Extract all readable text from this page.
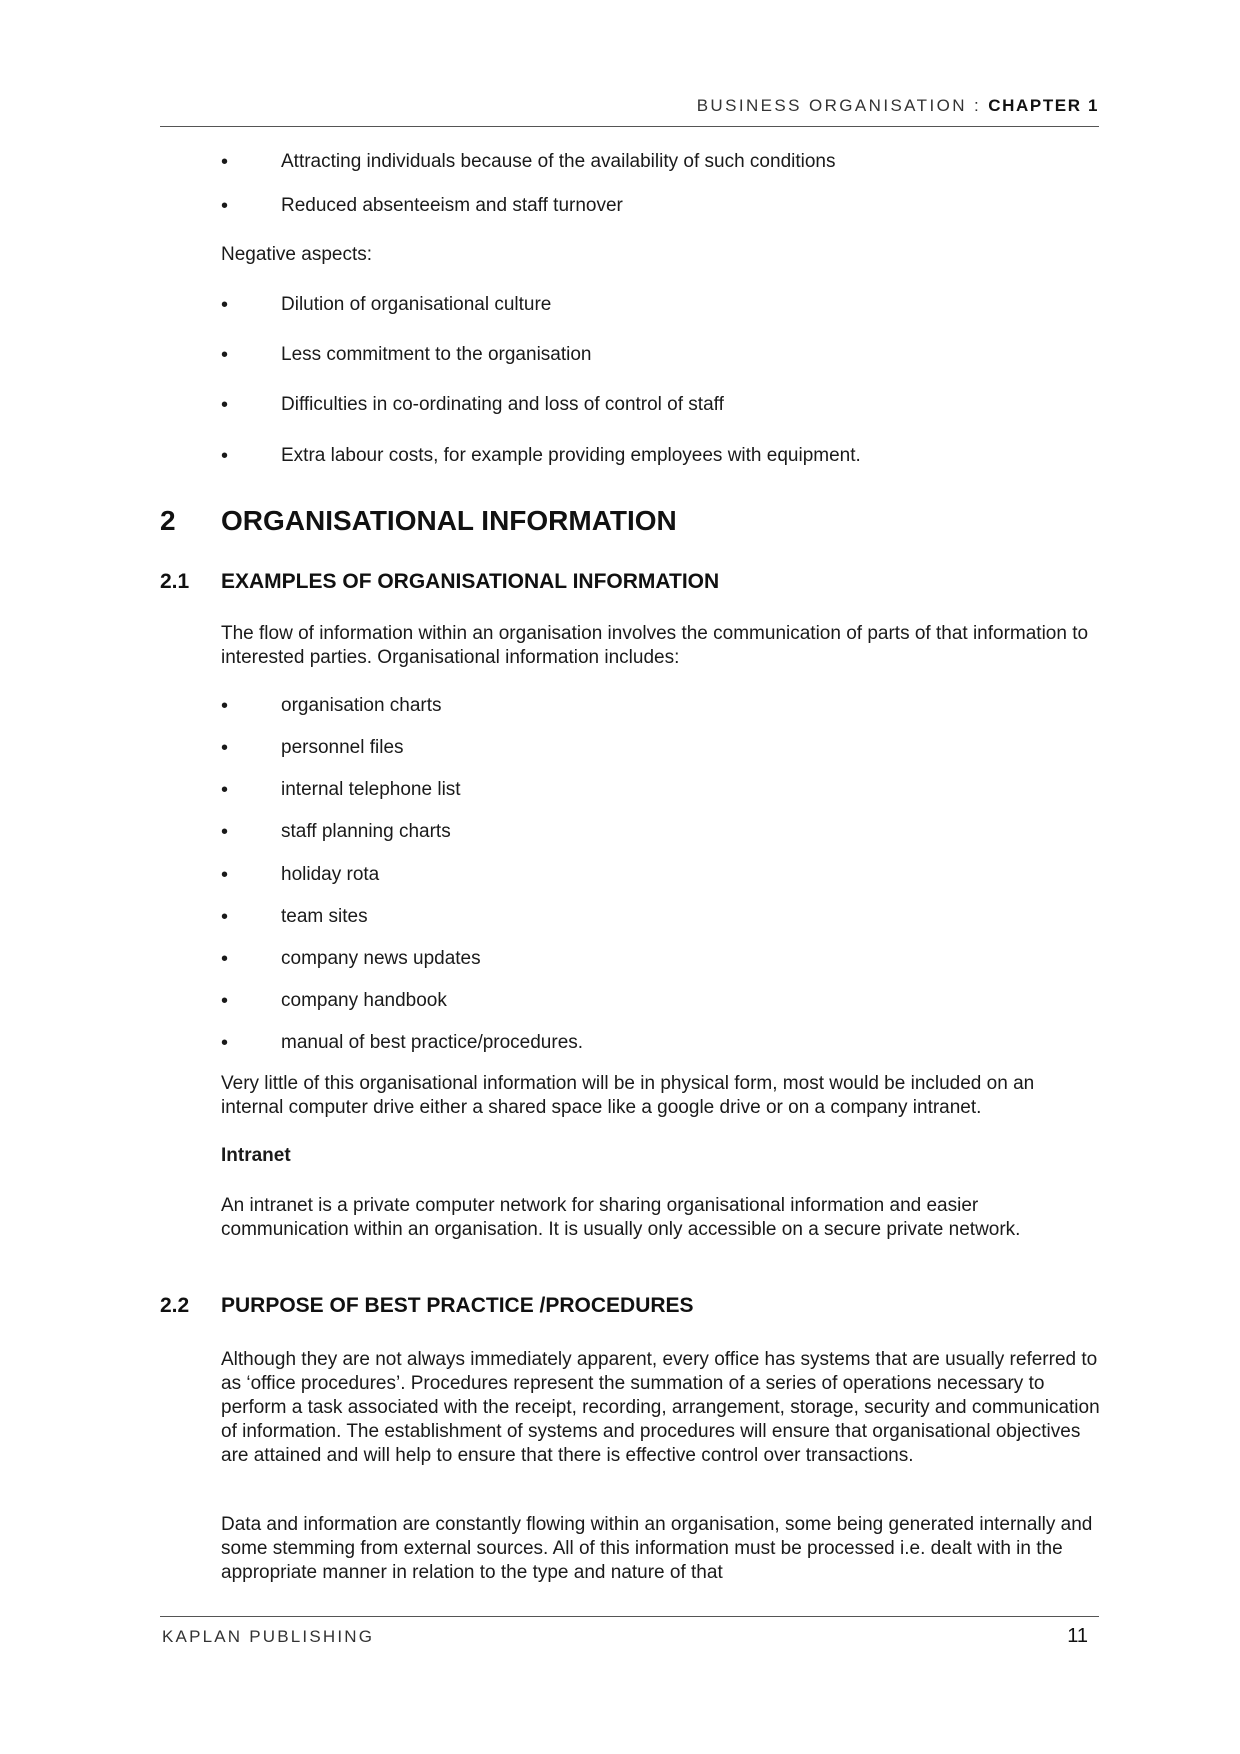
BUSINESS ORGANISATION : CHAPTER 1
•	Attracting individuals because of the availability of such conditions
•	Reduced absenteeism and staff turnover
Negative aspects:
•	Dilution of organisational culture
•	Less commitment to the organisation
•	Difficulties in co-ordinating and loss of control of staff
•	Extra labour costs, for example providing employees with equipment.
2 ORGANISATIONAL INFORMATION
2.1 EXAMPLES OF ORGANISATIONAL INFORMATION
The flow of information within an organisation involves the communication of parts of that information to interested parties. Organisational information includes:
•	organisation charts
•	personnel files
•	internal telephone list
•	staff planning charts
•	holiday rota
•	team sites
•	company news updates
•	company handbook
•	manual of best practice/procedures.
Very little of this organisational information will be in physical form, most would be included on an internal computer drive either a shared space like a google drive or on a company intranet.
Intranet
An intranet is a private computer network for sharing organisational information and easier communication within an organisation. It is usually only accessible on a secure private network.
2.2 PURPOSE OF BEST PRACTICE /PROCEDURES
Although they are not always immediately apparent, every office has systems that are usually referred to as ‘office procedures’. Procedures represent the summation of a series of operations necessary to perform a task associated with the receipt, recording, arrangement, storage, security and communication of information. The establishment of systems and procedures will ensure that organisational objectives are attained and will help to ensure that there is effective control over transactions.
Data and information are constantly flowing within an organisation, some being generated internally and some stemming from external sources. All of this information must be processed i.e. dealt with in the appropriate manner in relation to the type and nature of that
KAPLAN PUBLISHING	11
